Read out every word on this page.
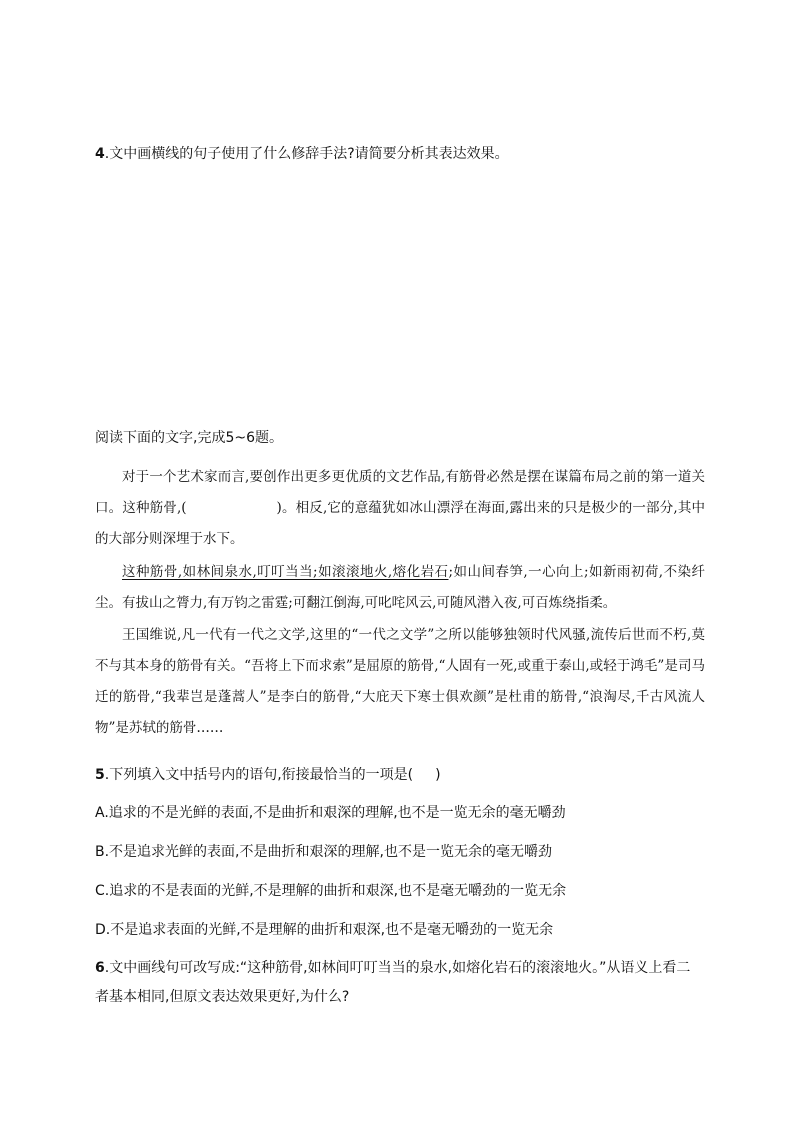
4.文中画横线的句子使用了什么修辞手法?请简要分析其表达效果。

阅读下面的文字,完成5~6题。

对于一个艺术家而言,要创作出更多更优质的文艺作品,有筋骨必然是摆在谋篇布局之前的第一道关口。这种筋骨,(	)。相反,它的意蕴犹如冰山漂浮在海面,露出来的只是极少的一部分,其中的大部分则深埋于水下。

这种筋骨,如林间泉水,叮叮当当;如滚滚地火,熔化岩石;如山间春笋,一心向上;如新雨初荷,不染纤尘。有拔山之膂力,有万钧之雷霆;可翻江倒海,可叱咤风云,可随风潜入夜,可百炼绕指柔。

王国维说,凡一代有一代之文学,这里的“一代之文学”之所以能够独领时代风骚,流传后世而不朽,莫不与其本身的筋骨有关。“吾将上下而求索”是屈原的筋骨,“人固有一死,或重于泰山,或轻于鸿毛”是司马迁的筋骨,“我辈岂是蓬蒿人”是李白的筋骨,“大庇天下寒士俱欢颜”是杜甫的筋骨,“浪淘尽,千古风流人物”是苏轼的筋骨……

5.下列填入文中括号内的语句,衔接最恰当的一项是( )

A.追求的不是光鲜的表面,不是曲折和艰深的理解,也不是一览无余的毫无嚼劲

B.不是追求光鲜的表面,不是曲折和艰深的理解,也不是一览无余的毫无嚼劲

C.追求的不是表面的光鲜,不是理解的曲折和艰深,也不是毫无嚼劲的一览无余

D.不是追求表面的光鲜,不是理解的曲折和艰深,也不是毫无嚼劲的一览无余

6.文中画线句可改写成:“这种筋骨,如林间叮叮当当的泉水,如熔化岩石的滚滚地火。”从语义上看二

者基本相同,但原文表达效果更好,为什么?
